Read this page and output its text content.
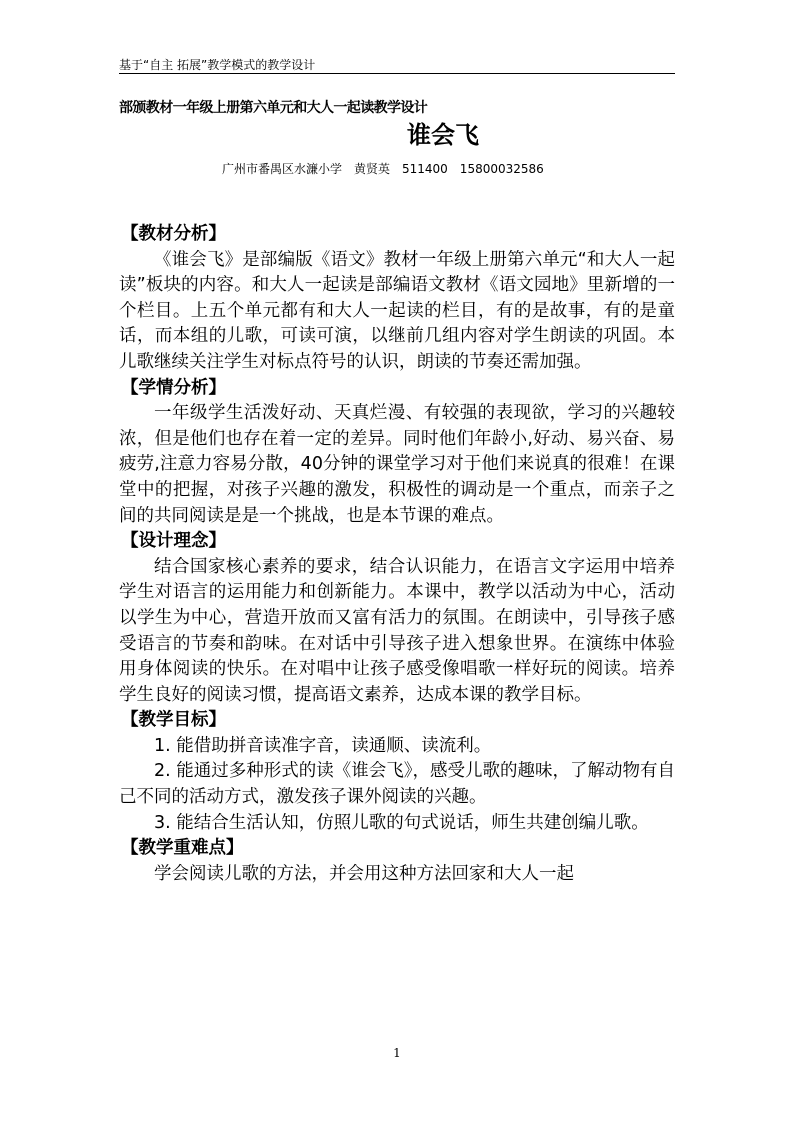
基于“自主 拓展”教学模式的教学设计
部颁教材一年级上册第六单元和大人一起读教学设计
谁会飞
广州市番禺区水濂小学　黄贤英　511400　15800032586
【教材分析】
《谁会飞》是部编版《语文》教材一年级上册第六单元“和大人一起读”板块的内容。和大人一起读是部编语文教材《语文园地》里新增的一个栏目。上五个单元都有和大人一起读的栏目，有的是故事，有的是童话，而本组的儿歌，可读可演，以继前几组内容对学生朗读的巩固。本儿歌继续关注学生对标点符号的认识，朗读的节奏还需加强。
【学情分析】
一年级学生活泼好动、天真烂漫、有较强的表现欲，学习的兴趣较浓，但是他们也存在着一定的差异。同时他们年龄小,好动、易兴奋、易疲劳,注意力容易分散，40分钟的课堂学习对于他们来说真的很难！在课堂中的把握，对孩子兴趣的激发，积极性的调动是一个重点，而亲子之间的共同阅读是是一个挑战，也是本节课的难点。
【设计理念】
结合国家核心素养的要求，结合认识能力，在语言文字运用中培养学生对语言的运用能力和创新能力。本课中，教学以活动为中心，活动以学生为中心，营造开放而又富有活力的氛围。在朗读中，引导孩子感受语言的节奏和韵味。在对话中引导孩子进入想象世界。在演练中体验用身体阅读的快乐。在对唱中让孩子感受像唱歌一样好玩的阅读。培养学生良好的阅读习惯，提高语文素养，达成本课的教学目标。
【教学目标】
1. 能借助拼音读准字音，读通顺、读流利。
2. 能通过多种形式的读《谁会飞》，感受儿歌的趣味，了解动物有自己不同的活动方式，激发孩子课外阅读的兴趣。
3. 能结合生活认知，仿照儿歌的句式说话，师生共建创编儿歌。
【教学重难点】
学会阅读儿歌的方法，并会用这种方法回家和大人一起
1
